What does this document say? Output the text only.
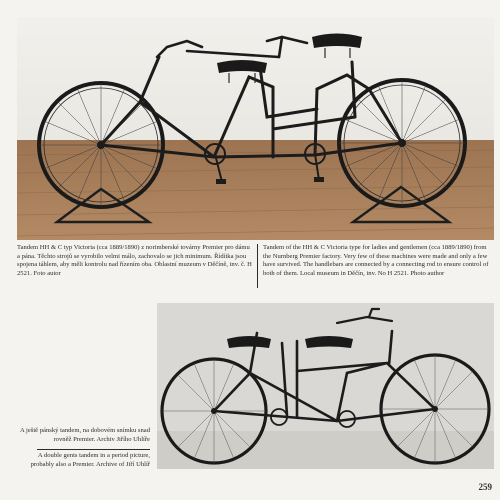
Tandem HH & C typ Victoria (cca 1889/1890) z norimberské továrny Premier pro dámu a pána. Těchto strojů se vyrobilo velmi málo, zachovalo se jich minimum. Řídítka jsou spojena táhlem, aby měli kontrolu nad řízením oba. Oblastní muzeum v Děčíně, inv. č. H 2521. Foto autor
Tandem of the HH & C Victoria type for ladies and gentlemen (cca 1889/1890) from the Nurnberg Premier factory. Very few of these machines were made and only a few have survived. The handlebars are connected by a connecting rod to ensure control of both of them. Local museum in Děčín, inv. No H 2521. Photo author
A ještě pánský tandem, na dobovém snímku snad rovněž Premier. Archiv Jiřího Uhlíře
A double gents tandem in a period picture, probably also a Premier. Archive of Jiří Uhlíř
259
